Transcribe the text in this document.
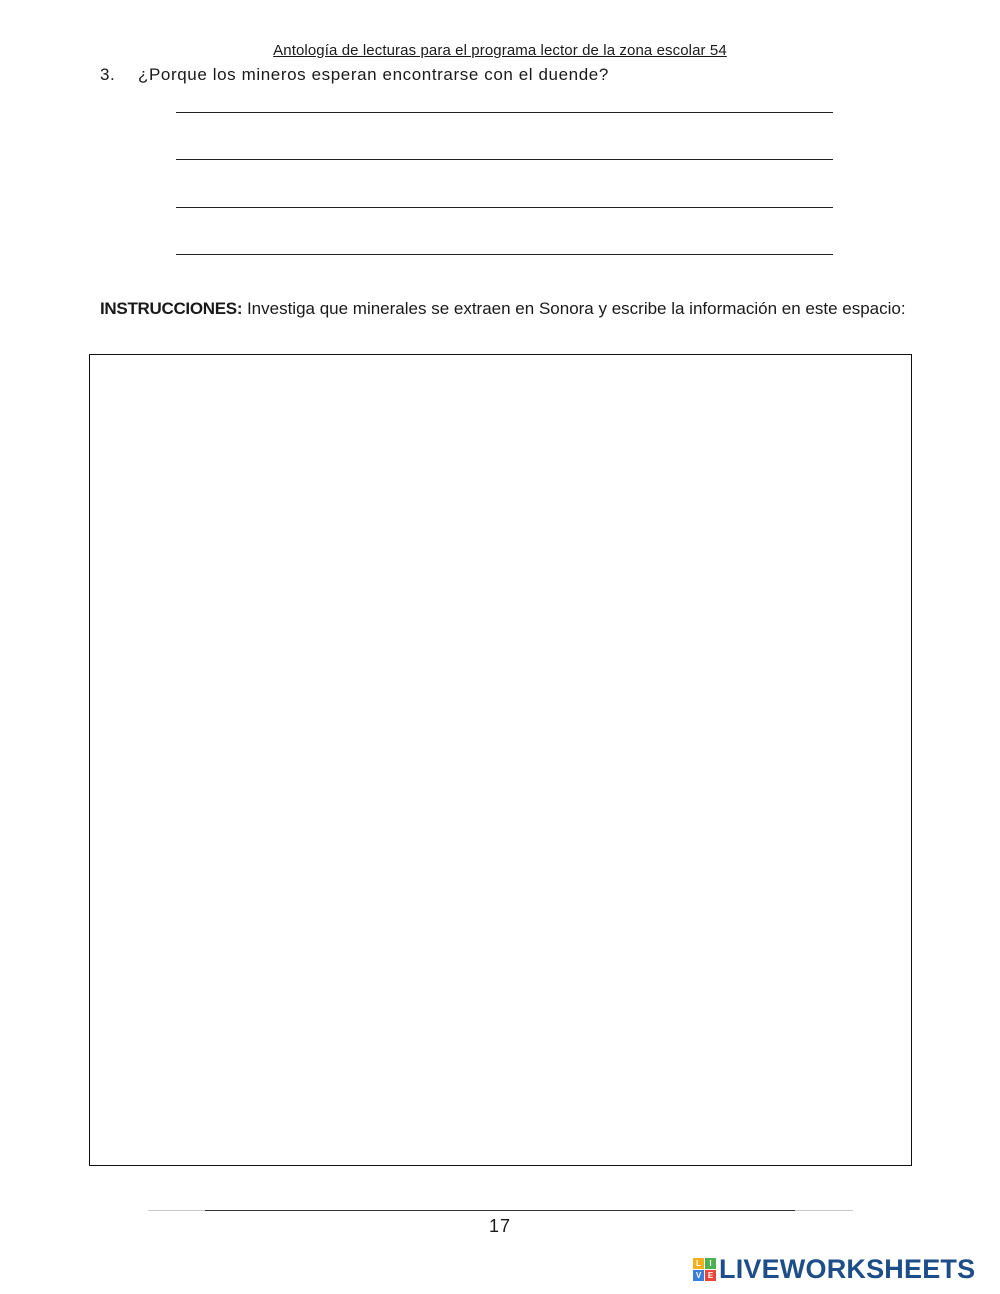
Antología de lecturas para el programa lector de la zona escolar 54
3. ¿Porque los mineros esperan encontrarse con el duende?
INSTRUCCIONES: Investiga que minerales se extraen en Sonora y escribe la información en este espacio:
17
L	I
V E LIVEWORKSHEETS
